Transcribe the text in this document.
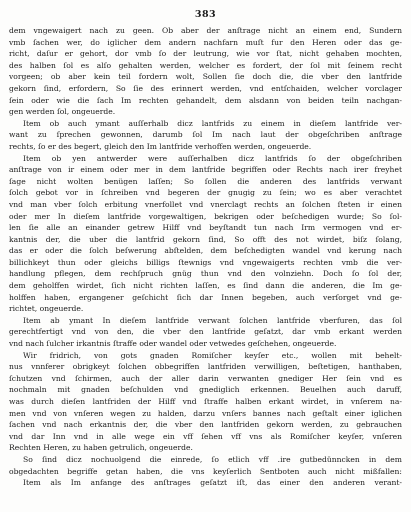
383
dem vngewaigert nach zu geen. Ob aber der anſtrage nicht an einem end, Sundern
vmb ſachen wer, do iglicher dem andern nachfarn muſt fur den Heren oder das ge-
richt, daſur er gehort, dor vmb ſo der leutrung, wie vor ſtat, nicht gehaben mochten,
des halben ſol es alſo gehalten werden, welcher es fordert, der ſol mit ſeinem recht
vorgeen; ob aber kein teil fordern wolt, Sollen ſie doch die, die vber den lantfride
gekorn ſind, erfordern, So ſie des erinnert werden, vnd entſchaiden, welcher vorclager
ſein oder wie die ſach Im rechten gehandelt, dem alsdann von beiden teiln nachgan-
gen werden ſol, ongeuerde.
Item ob auch ymant auſſerhalb dicz lantfrids zu einem in dieſem lantfride ver-
want zu ſprechen gewonnen, darumb ſol Im nach laut der obgeſchriben anſtrage
rechts, ſo er des begert, gleich den Im lantfride verhoffen werden, ongeuerde.
Item ob yen antwerder were auſſerhalben dicz lantfrids ſo der obgeſchriben
anſtrage von ir einem oder mer in dem lantfride begriffen oder Rechts nach irer freyhet
ſage nicht wolten benügen laſſen; So ſollen die anderen des lantfrids verwant
ſolch gebot vor in ſchreiben vnd begeren der gnugig zu ſein; wo es aber verachtet
vnd man vber ſolch erbitung vnerfollet vnd vnerclagt rechts an ſolchen ſteten ir einen
oder mer In dieſem lantfride vorgewaltigen, bekrigen oder beſchedigen wurde; So ſol-
len ſie alle an einander getrew Hilff vnd beyſtandt tun nach Irm vermogen vnd er-
kantnis der, die uber die lantfrid gekorn ſind, So offt des not wirdet, biſz ſolang,
das er oder die ſolch beſwerung abſtelden, dem beſchedigten wandel vnd kerung nach
billichkeyt thun oder gleichs billigs ſtewnigs vnd vngewaigerts rechten vmb die ver-
handlung pflegen, dem rechſpruch gnüg thun vnd den volnziehn. Doch ſo ſol der,
dem geholffen wirdet, ſich nicht richten laſſen, es ſind dann die anderen, die Im ge-
holffen haben, ergangener geſchicht ſich dar Innen begeben, auch verſorget vnd ge-
richtet, ongeuerde.
Item ab ymant In dieſem lantfride verwant ſolchen lantfride vberfuren, das ſol
gerechtfertigt vnd von den, die vber den lantfride geſatzt, dar vmb erkant werden
vnd nach ſulcher irkantnis ſtraffe oder wandel oder vetwedes geſchehen, ongeuerde.
Wir fridrich, von gots gnaden Romiſcher keyſer etc., wollen mit behelt-
nus vnnferer obrigkeyt ſolchen obbegriffen lantfriden verwilligen, beſtetigen, hanthaben,
ſchutzen vnd ſchirmen, auch der aller darin verwanten gnediger Her ſein vnd es
nochmaln mit gnaden beſchulden vnd gnediglich erkennen. Beuelhen auch daruff,
was durch dieſen lantfriden der Hilff vnd ſtraffe halben erkant wirdet, in vnſerem na-
men vnd von vnſeren wegen zu halden, darzu vnſers bannes nach geſtalt einer iglichen
ſachen vnd nach erkantnis der, die vber den lantfriden gekorn werden, zu gebrauchen
vnd dar Inn vnd in alle wege ein vff ſehen vff vns als Romiſcher keyſer, vnſeren
Rechten Heren, zu haben getrulich, ongeuerde.
So ſind dicz nochuolgend die einrede, ſo etlich vff .ire gutbedünncken in dem
obgedachten begriffe getan haben, die vns keyſerlich Sentboten auch nicht mißfallen:
Item als Im anfange des anſtrages geſatzt iſt, das einer den anderen verant-
